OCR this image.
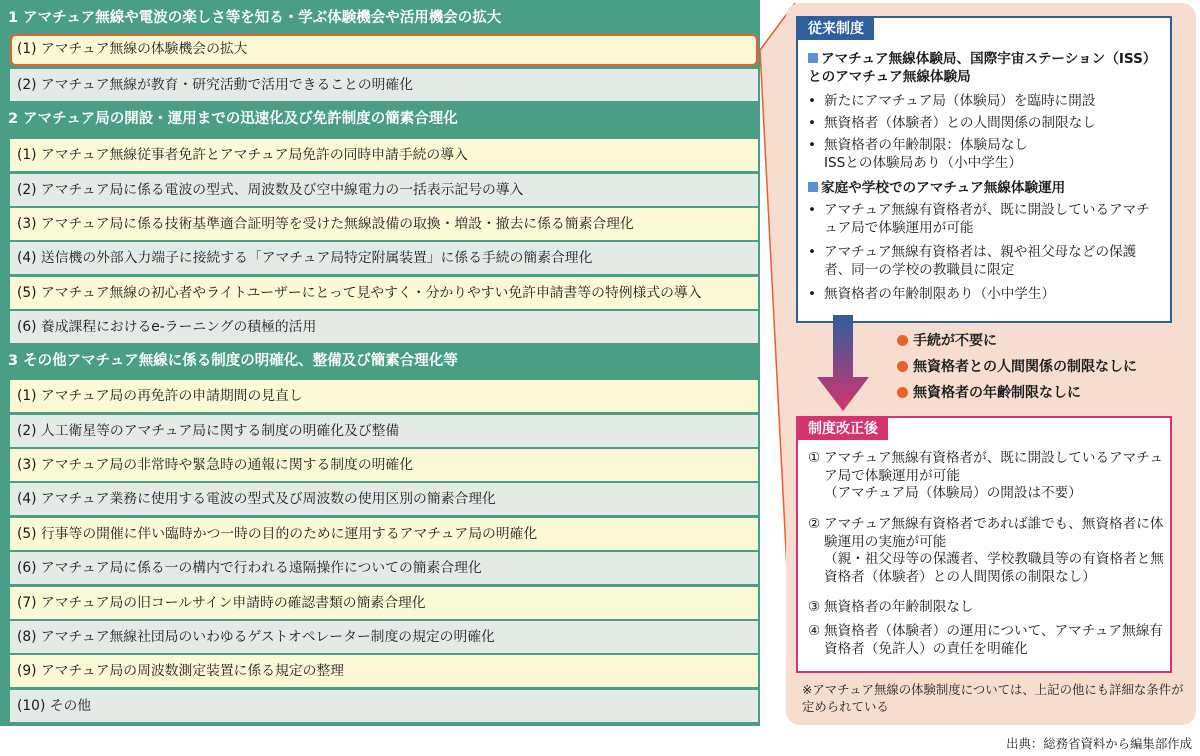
1 アマチュア無線や電波の楽しさ等を知る・学ぶ体験機会や活用機会の拡大
(1) アマチュア無線の体験機会の拡大
(2) アマチュア無線が教育・研究活動で活用できることの明確化
2 アマチュア局の開設・運用までの迅速化及び免許制度の簡素合理化
(1) アマチュア無線従事者免許とアマチュア局免許の同時申請手続の導入
(2) アマチュア局に係る電波の型式、周波数及び空中線電力の一括表示記号の導入
(3) アマチュア局に係る技術基準適合証明等を受けた無線設備の取換・増設・撤去に係る簡素合理化
(4) 送信機の外部入力端子に接続する「アマチュア局特定附属装置」に係る手続の簡素合理化
(5) アマチュア無線の初心者やライトユーザーにとって見やすく・分かりやすい免許申請書等の特例様式の導入
(6) 養成課程におけるe-ラーニングの積極的活用
3 その他アマチュア無線に係る制度の明確化、整備及び簡素合理化等
(1) アマチュア局の再免許の申請期間の見直し
(2) 人工衛星等のアマチュア局に関する制度の明確化及び整備
(3) アマチュア局の非常時や緊急時の通報に関する制度の明確化
(4) アマチュア業務に使用する電波の型式及び周波数の使用区別の簡素合理化
(5) 行事等の開催に伴い臨時かつ一時の目的のために運用するアマチュア局の明確化
(6) アマチュア局に係る一の構内で行われる遠隔操作についての簡素合理化
(7) アマチュア局の旧コールサイン申請時の確認書類の簡素合理化
(8) アマチュア無線社団局のいわゆるゲストオペレーター制度の規定の明確化
(9) アマチュア局の周波数測定装置に係る規定の整理
(10) その他
従来制度
アマチュア無線体験局、国際宇宙ステーション（ISS）とのアマチュア無線体験局
• 新たにアマチュア局（体験局）を臨時に開設
• 無資格者（体験者）との人間関係の制限なし
• 無資格者の年齢制限：体験局なし
ISSとの体験局あり（小中学生）
家庭や学校でのアマチュア無線体験運用
• アマチュア無線有資格者が、既に開設しているアマチュア局で体験運用が可能
• アマチュア無線有資格者は、親や祖父母などの保護者、同一の学校の教職員に限定
• 無資格者の年齢制限あり（小中学生）
手続が不要に
無資格者との人間関係の制限なしに
無資格者の年齢制限なしに
制度改正後
① アマチュア無線有資格者が、既に開設しているアマチュア局で体験運用が可能
（アマチュア局（体験局）の開設は不要）
② アマチュア無線有資格者であれば誰でも、無資格者に体験運用の実施が可能
（親・祖父母等の保護者、学校教職員等の有資格者と無資格者（体験者）との人間関係の制限なし）
③ 無資格者の年齢制限なし
④ 無資格者（体験者）の運用について、アマチュア無線有資格者（免許人）の責任を明確化
※アマチュア無線の体験制度については、上記の他にも詳細な条件が定められている
出典：総務省資料から編集部作成
